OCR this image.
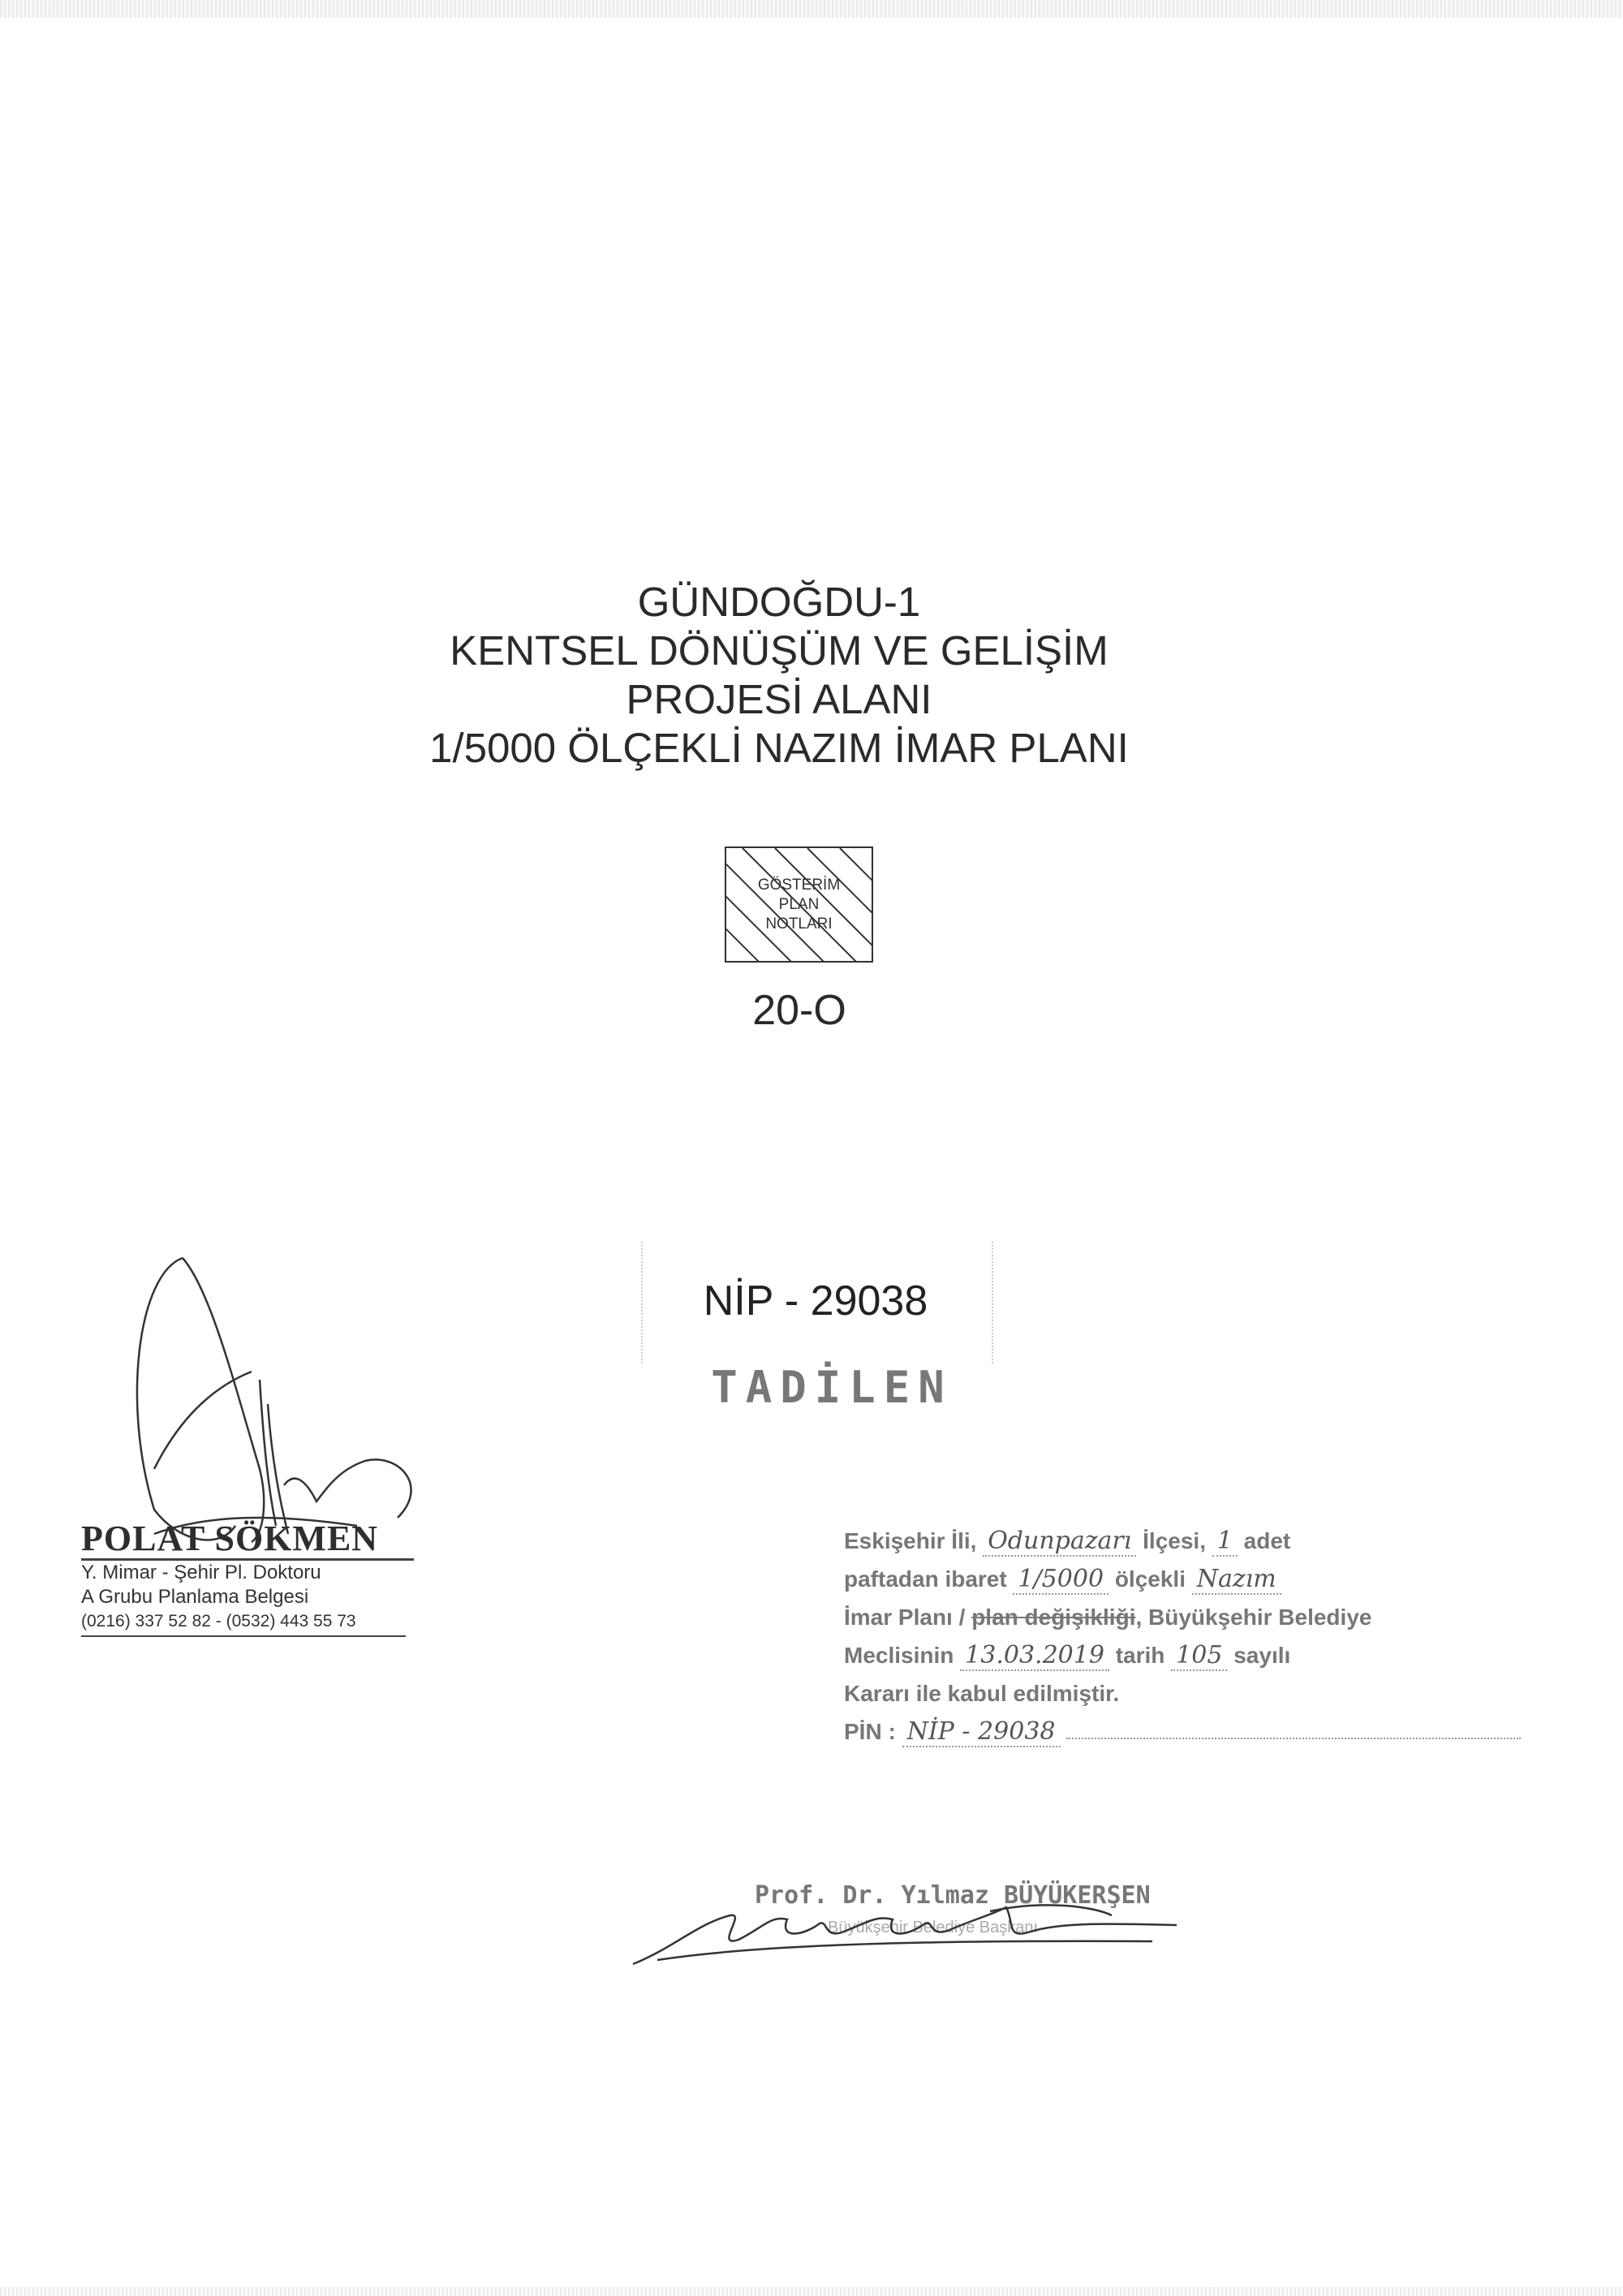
GÜNDOĞDU-1
KENTSEL DÖNÜŞÜM VE GELİŞİM
PROJESİ ALANI
1/5000 ÖLÇEKLİ NAZIM İMAR PLANI
GÖSTERİM
PLAN
NOTLARI
20-O
NİP - 29038
TADİLEN
POLAT SÖKMEN
Y. Mimar - Şehir Pl. Doktoru
A Grubu Planlama Belgesi
(0216) 337 52 82 - (0532) 443 55 73
Eskişehir İli, Odunpazarı İlçesi, 1 adet
paftadan ibaret 1/5000 ölçekli Nazım
İmar Planı / plan değişikliği, Büyükşehir Belediye
Meclisinin 13.03.2019 tarih 105 sayılı
Kararı ile kabul edilmiştir.
PİN : NİP - 29038
Prof. Dr. Yılmaz BÜYÜKERŞEN
Büyükşehir Belediye Başkanı
